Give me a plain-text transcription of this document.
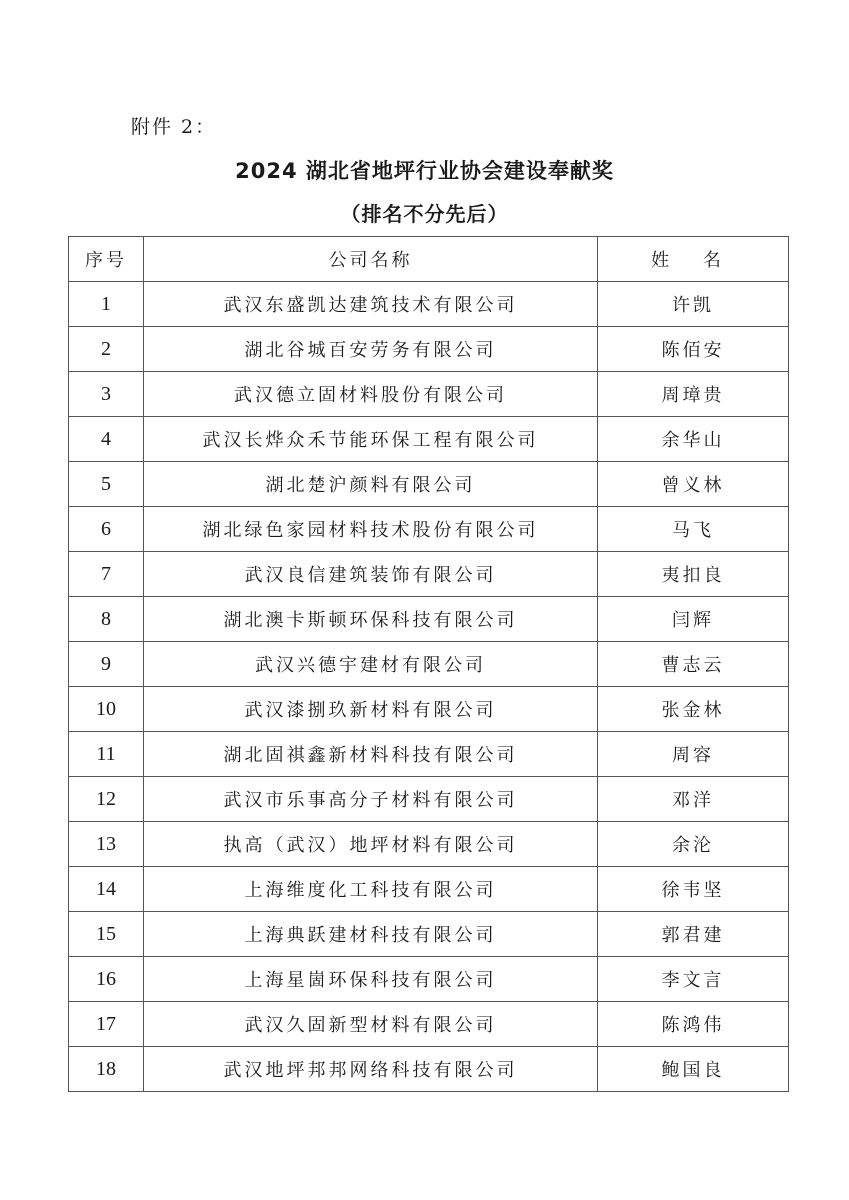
附件 2：
2024 湖北省地坪行业协会建设奉献奖
（排名不分先后）
序号	公司名称	姓 名
1	武汉东盛凯达建筑技术有限公司	许凯
2	湖北谷城百安劳务有限公司	陈佰安
3	武汉德立固材料股份有限公司	周璋贵
4	武汉长烨众禾节能环保工程有限公司	余华山
5	湖北楚沪颜料有限公司	曾义林
6	湖北绿色家园材料技术股份有限公司	马飞
7	武汉良信建筑装饰有限公司	夷扣良
8	湖北澳卡斯顿环保科技有限公司	闫辉
9	武汉兴德宇建材有限公司	曹志云
10	武汉漆捌玖新材料有限公司	张金林
11	湖北固祺鑫新材料科技有限公司	周容
12	武汉市乐事高分子材料有限公司	邓洋
13	执高（武汉）地坪材料有限公司	余沦
14	上海维度化工科技有限公司	徐韦坚
15	上海典跃建材科技有限公司	郭君建
16	上海星崮环保科技有限公司	李文言
17	武汉久固新型材料有限公司	陈鸿伟
18	武汉地坪邦邦网络科技有限公司	鲍国良
